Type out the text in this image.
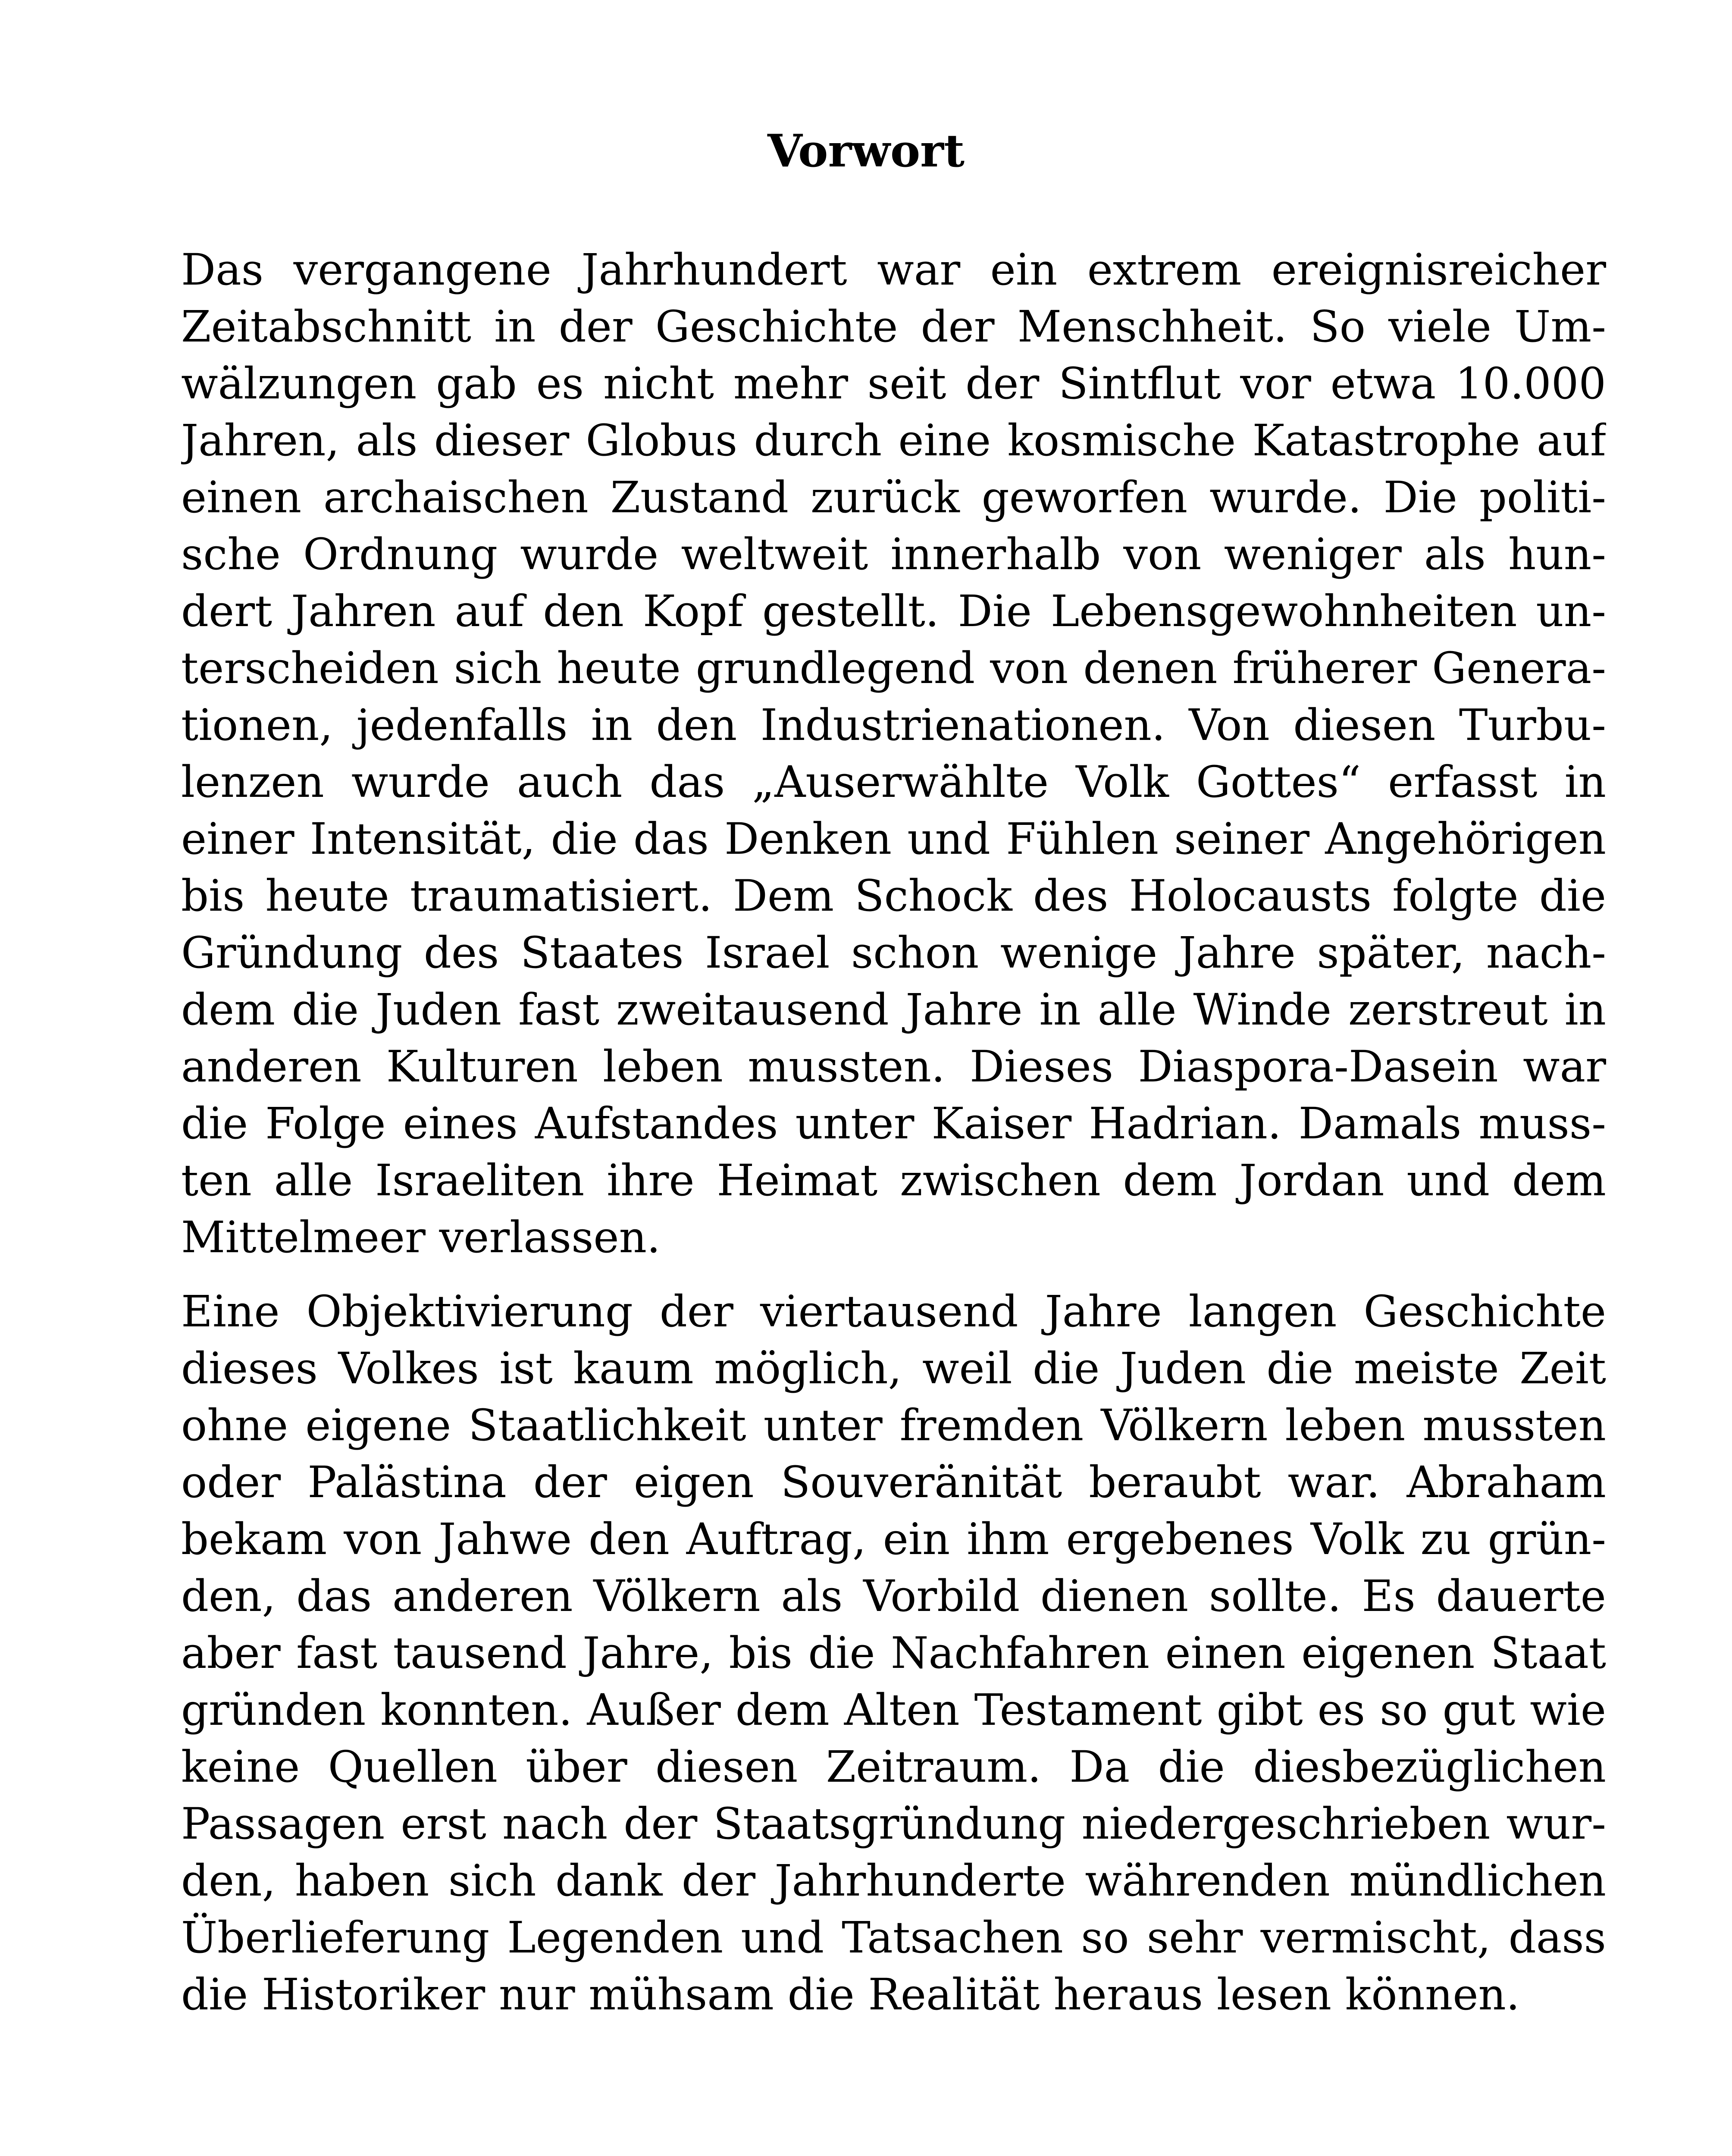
Vorwort
Das vergangene Jahrhundert war ein extrem ereignisreicher
Zeitabschnitt in der Geschichte der Menschheit. So viele Um-
wälzungen gab es nicht mehr seit der Sintflut vor etwa 10.000
Jahren, als dieser Globus durch eine kosmische Katastrophe auf
einen archaischen Zustand zurück geworfen wurde. Die politi-
sche Ordnung wurde weltweit innerhalb von weniger als hun-
dert Jahren auf den Kopf gestellt. Die Lebensgewohnheiten un-
terscheiden sich heute grundlegend von denen früherer Genera-
tionen, jedenfalls in den Industrienationen. Von diesen Turbu-
lenzen wurde auch das „Auserwählte Volk Gottes“ erfasst in
einer Intensität, die das Denken und Fühlen seiner Angehörigen
bis heute traumatisiert. Dem Schock des Holocausts folgte die
Gründung des Staates Israel schon wenige Jahre später, nach-
dem die Juden fast zweitausend Jahre in alle Winde zerstreut in
anderen Kulturen leben mussten. Dieses Diaspora-Dasein war
die Folge eines Aufstandes unter Kaiser Hadrian. Damals muss-
ten alle Israeliten ihre Heimat zwischen dem Jordan und dem
Mittelmeer verlassen.
Eine Objektivierung der viertausend Jahre langen Geschichte
dieses Volkes ist kaum möglich, weil die Juden die meiste Zeit
ohne eigene Staatlichkeit unter fremden Völkern leben mussten
oder Palästina der eigen Souveränität beraubt war. Abraham
bekam von Jahwe den Auftrag, ein ihm ergebenes Volk zu grün-
den, das anderen Völkern als Vorbild dienen sollte. Es dauerte
aber fast tausend Jahre, bis die Nachfahren einen eigenen Staat
gründen konnten. Außer dem Alten Testament gibt es so gut wie
keine Quellen über diesen Zeitraum. Da die diesbezüglichen
Passagen erst nach der Staatsgründung niedergeschrieben wur-
den, haben sich dank der Jahrhunderte währenden mündlichen
Überlieferung Legenden und Tatsachen so sehr vermischt, dass
die Historiker nur mühsam die Realität heraus lesen können.
